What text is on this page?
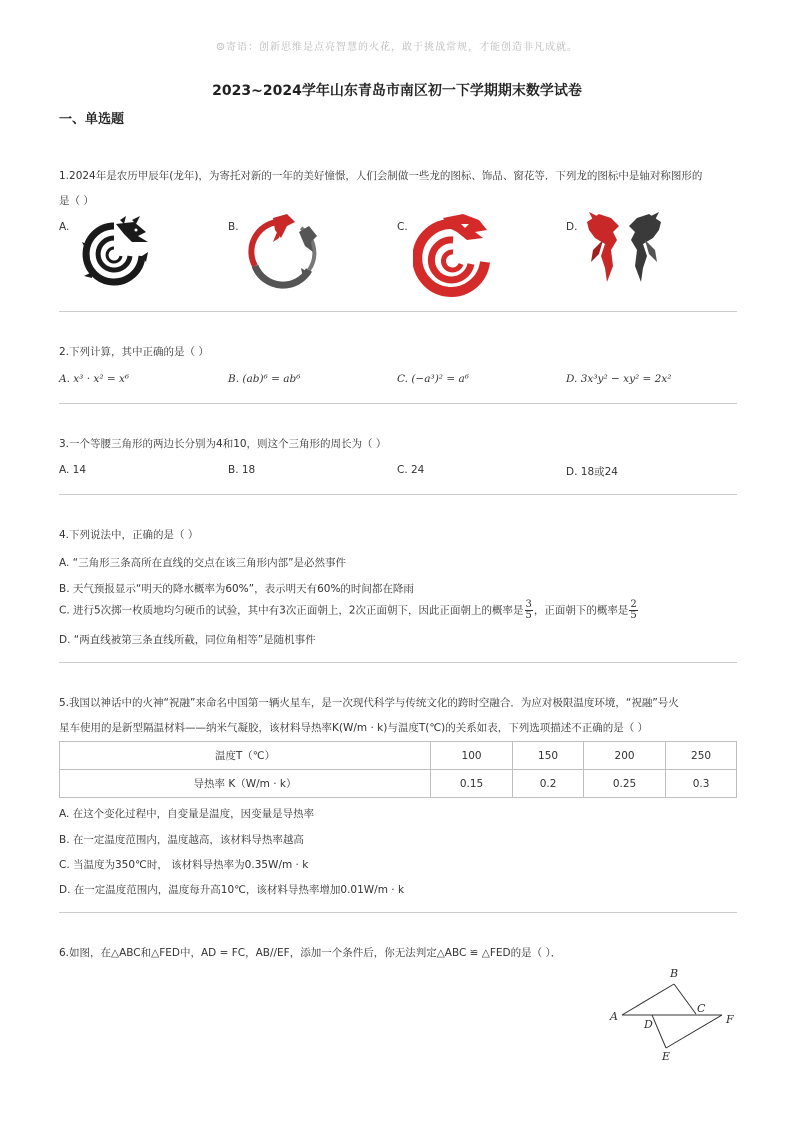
☺寄语：创新思维是点亮智慧的火花，敢于挑战常规，才能创造非凡成就。
2023~2024学年山东青岛市南区初一下学期期末数学试卷
一、单选题
1.2024年是农历甲辰年(龙年)，为寄托对新的一年的美好憧憬，人们会制做一些龙的图标、饰品、窗花等．下列龙的图标中是轴对称图形的
是（ ）
A.	B.	C.	D.
2.下列计算，其中正确的是（ ）
A. x³ · x² = x⁶	B. (ab)⁶ = ab⁶	C. (−a³)² = a⁶	D. 3x³y² − xy² = 2x²
3.一个等腰三角形的两边长分别为4和10，则这个三角形的周长为（ ）
A. 14	B. 18	C. 24	D. 18或24
4.下列说法中，正确的是（ ）
A. “三角形三条高所在直线的交点在该三角形内部”是必然事件
B. 天气预报显示“明天的降水概率为60%”，表示明天有60%的时间都在降雨
C. 进行5次掷一枚质地均匀硬币的试验，其中有3次正面朝上，2次正面朝下，因此正面朝上的概率是 $\frac{3}{5}$ ，正面朝下的概率是 $\frac{2}{5}$
D. “两直线被第三条直线所截，同位角相等”是随机事件
5.我国以神话中的火神“祝融”来命名中国第一辆火星车，是一次现代科学与传统文化的跨时空融合．为应对极限温度环境，“祝融”号火
星车使用的是新型隔温材料——纳米气凝胶，该材料导热率K(W/m · k)与温度T(℃)的关系如表，下列选项描述不正确的是（ ）
温度T（℃）	100	150	200	250
导热率 K（W/m · k）	0.15	0.2	0.25	0.3
A. 在这个变化过程中，自变量是温度，因变量是导热率
B. 在一定温度范围内，温度越高，该材料导热率越高
C. 当温度为350℃时， 该材料导热率为0.35W/m · k
D. 在一定温度范围内，温度每升高10℃，该材料导热率增加0.01W/m · k
6.如图，在△ABC和△FED中，AD = FC，AB//EF，添加一个条件后，你无法判定△ABC ≌ △FED的是（ ）．
A
B
C
D
E
F
